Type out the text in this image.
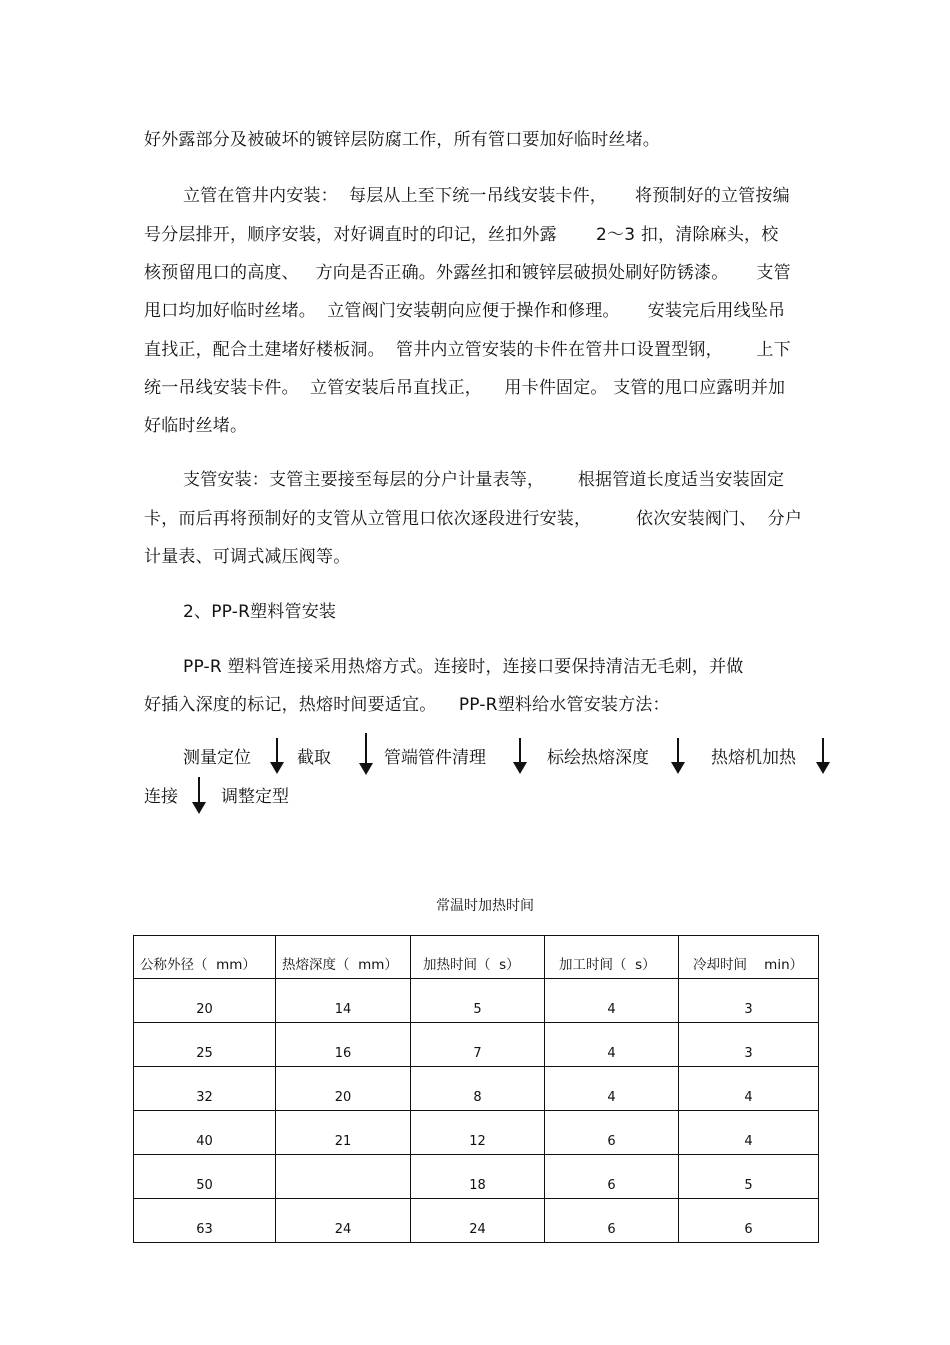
好外露部分及被破坏的镀锌层防腐工作，所有管口要加好临时丝堵。
立管在管井内安装：  每层从上至下统一吊线安装卡件，     将预制好的立管按编
号分层排开，顺序安装，对好调直时的印记，丝扣外露       2～3 扣，清除麻头，校
核预留甩口的高度、   方向是否正确。外露丝扣和镀锌层破损处刷好防锈漆。     支管
甩口均加好临时丝堵。  立管阀门安装朝向应便于操作和修理。     安装完后用线坠吊
直找正，配合土建堵好楼板洞。  管井内立管安装的卡件在管井口设置型钢，      上下
统一吊线安装卡件。  立管安装后吊直找正，    用卡件固定。 支管的甩口应露明并加
好临时丝堵。
支管安装：支管主要接至每层的分户计量表等，      根据管道长度适当安装固定
卡，而后再将预制好的支管从立管甩口依次逐段进行安装，        依次安装阀门、  分户
计量表、可调式减压阀等。
2、PP-R塑料管安装
PP-R 塑料管连接采用热熔方式。连接时，连接口要保持清洁无毛刺，并做
好插入深度的标记，热熔时间要适宜。    PP-R塑料给水管安装方法：
测量定位	截取	管端管件清理	标绘热熔深度	热熔机加热
连接	调整定型
常温时加热时间
公称外径（  mm）	热熔深度（  mm）	加热时间（  s）	加工时间（  s）	冷却时间    min）
20	14	5	4	3
25	16	7	4	3
32	20	8	4	4
40	21	12	6	4
50		18	6	5
63	24	24	6	6
